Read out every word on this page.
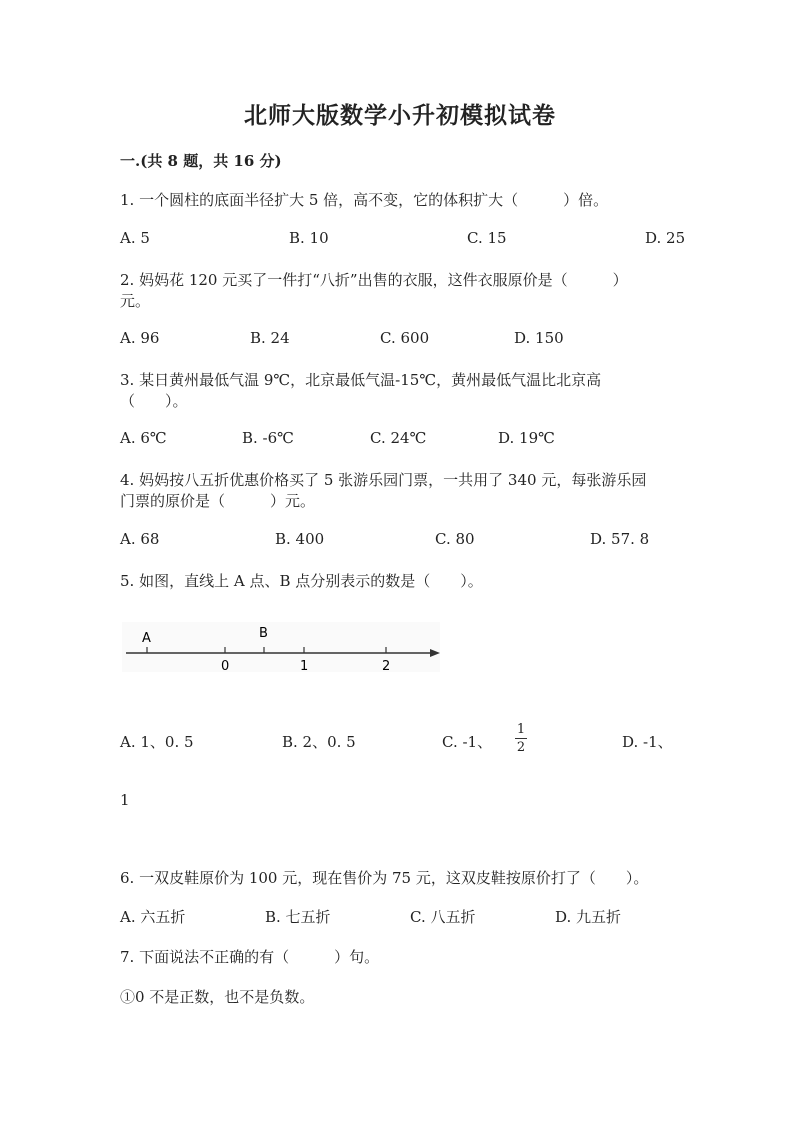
北师大版数学小升初模拟试卷
一.(共 8 题，共 16 分)
1. 一个圆柱的底面半径扩大 5 倍，高不变，它的体积扩大（　　　）倍。
A. 5	B. 10	C. 15	D. 25
2. 妈妈花 120 元买了一件打“八折”出售的衣服，这件衣服原价是（　　　）
元。
A. 96	B. 24	C. 600	D. 150
3. 某日黄州最低气温 9℃，北京最低气温-15℃，黄州最低气温比北京高
（　　）。
A. 6℃	B. -6℃	C. 24℃	D. 19℃
4. 妈妈按八五折优惠价格买了 5 张游乐园门票，一共用了 340 元，每张游乐园
门票的原价是（　　　）元。
A. 68	B. 400	C. 80	D. 57. 8
5. 如图，直线上 A 点、B 点分别表示的数是（　　）。
A	B
0	1	2
A. 1、0. 5	B. 2、0. 5	C. -1、
1
2	D. -1、
1
6. 一双皮鞋原价为 100 元，现在售价为 75 元，这双皮鞋按原价打了（　　）。
A. 六五折	B. 七五折	C. 八五折	D. 九五折
7. 下面说法不正确的有（　　　）句。
①0 不是正数，也不是负数。
